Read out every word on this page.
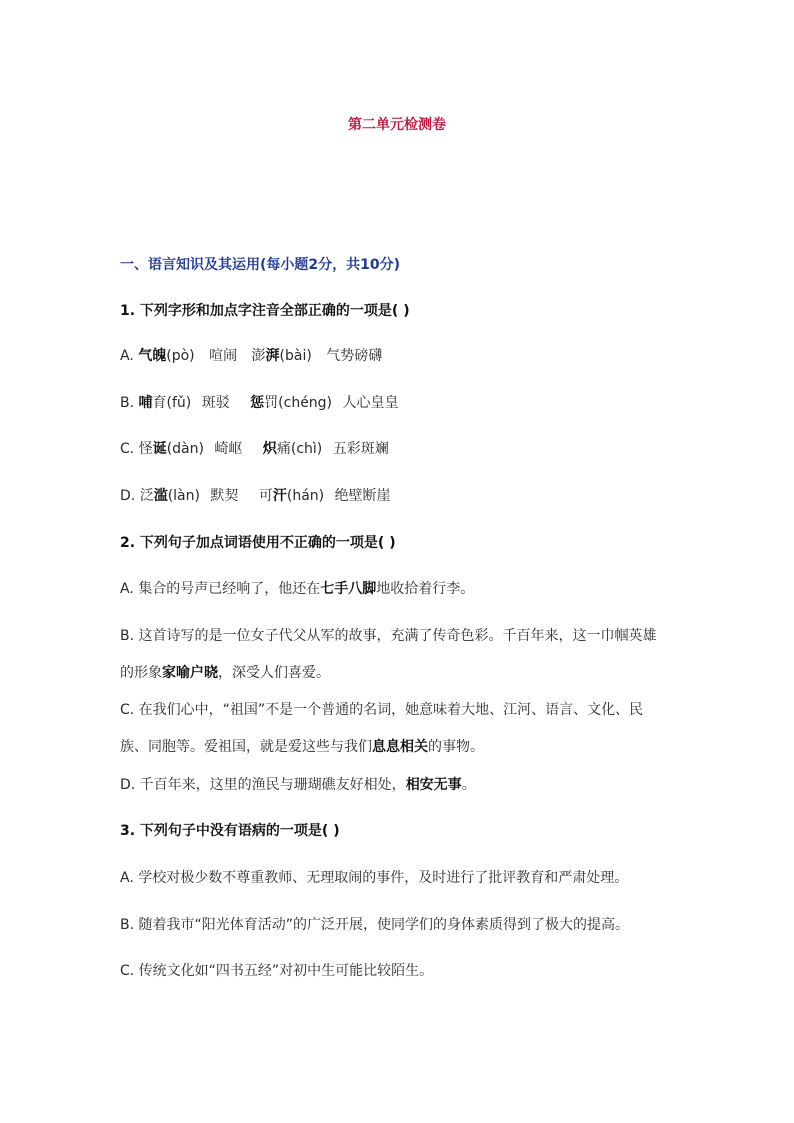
第二单元检测卷
一、语言知识及其运用(每小题2分，共10分)
1. 下列字形和加点字注音全部正确的一项是( )
A. 气魄(pò) 喧闹 澎湃(bài) 气势磅礴
B. 哺育(fǔ) 斑驳 惩罚(chéng) 人心皇皇
C. 怪诞(dàn) 崎岖 炽痛(chì) 五彩斑斓
D. 泛滥(làn) 默契 可汗(hán) 绝壁断崖
2. 下列句子加点词语使用不正确的一项是( )
A. 集合的号声已经响了，他还在七手八脚地收拾着行李。
B. 这首诗写的是一位女子代父从军的故事，充满了传奇色彩。千百年来，这一巾帼英雄
的形象家喻户晓，深受人们喜爱。
C. 在我们心中，“祖国”不是一个普通的名词，她意味着大地、江河、语言、文化、民
族、同胞等。爱祖国，就是爱这些与我们息息相关的事物。
D. 千百年来，这里的渔民与珊瑚礁友好相处，相安无事。
3. 下列句子中没有语病的一项是( )
A. 学校对极少数不尊重教师、无理取闹的事件，及时进行了批评教育和严肃处理。
B. 随着我市“阳光体育活动”的广泛开展，使同学们的身体素质得到了极大的提高。
C. 传统文化如“四书五经”对初中生可能比较陌生。
